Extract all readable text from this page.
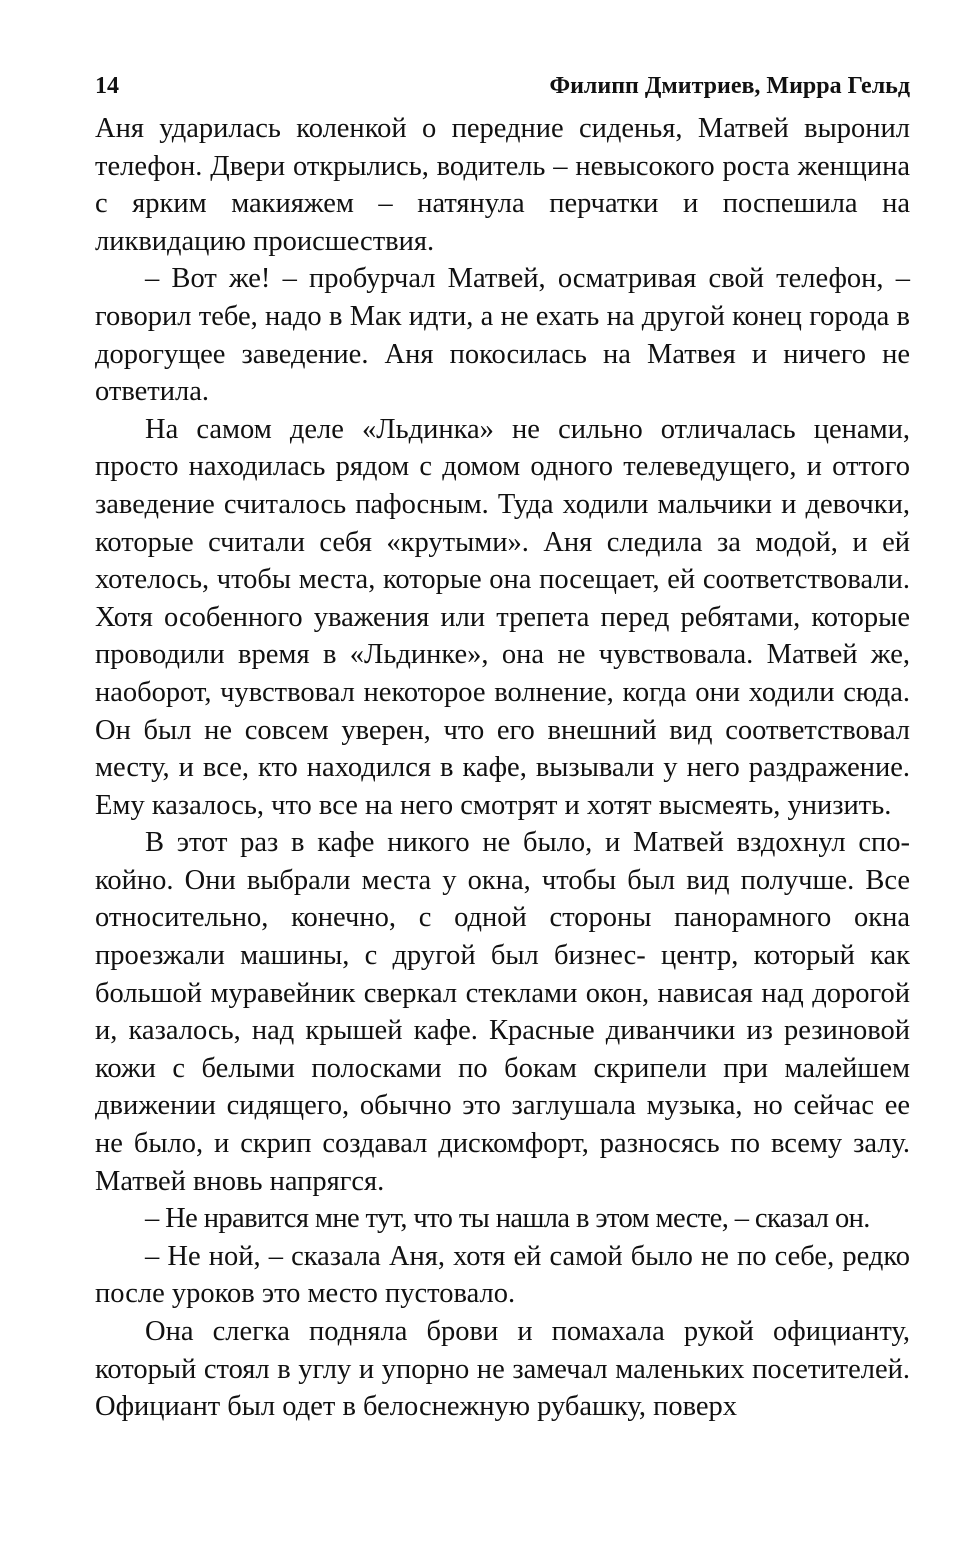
14	Филипп Дмитриев, Мирра Гельд

Аня ударилась коленкой о передние сиденья, Матвей выронил телефон. Двери открылись, водитель – невысокого роста женщина с ярким макияжем – натянула перчатки и поспешила на ликвидацию происшествия.

– Вот же! – пробурчал Матвей, осматривая свой телефон, – говорил тебе, надо в Мак идти, а не ехать на другой конец города в дорогущее заведение. Аня покосилась на Матвея и ничего не ответила.

На самом деле «Льдинка» не сильно отличалась ценами, просто находилась рядом с домом одного телеведущего, и оттого заведение считалось пафосным. Туда ходили мальчики и девочки, которые считали себя «крутыми». Аня следила за модой, и ей хотелось, чтобы места, которые она посещает, ей соответствовали. Хотя особенного уважения или трепета перед ребятами, которые проводили время в «Льдинке», она не чувствовала. Матвей же, наоборот, чувствовал некоторое волнение, когда они ходили сюда. Он был не совсем уверен, что его внешний вид соответствовал месту, и все, кто находился в кафе, вызывали у него раздражение. Ему казалось, что все на него смотрят и хотят высмеять, унизить.

В этот раз в кафе никого не было, и Матвей вздохнул спокойно. Они выбрали места у окна, чтобы был вид получше. Все относительно, конечно, с одной стороны панорамного окна проезжали машины, с другой был бизнес- центр, который как большой муравейник сверкал стеклами окон, нависая над дорогой и, казалось, над крышей кафе. Красные диванчики из резиновой кожи с белыми полосками по бокам скрипели при малейшем движении сидящего, обычно это заглушала музыка, но сейчас ее не было, и скрип создавал дискомфорт, разносясь по всему залу. Матвей вновь напрягся.

– Не нравится мне тут, что ты нашла в этом месте, – сказал он.

– Не ной, – сказала Аня, хотя ей самой было не по себе, редко после уроков это место пустовало.

Она слегка подняла брови и помахала рукой официанту, который стоял в углу и упорно не замечал маленьких посетителей. Официант был одет в белоснежную рубашку, поверх
